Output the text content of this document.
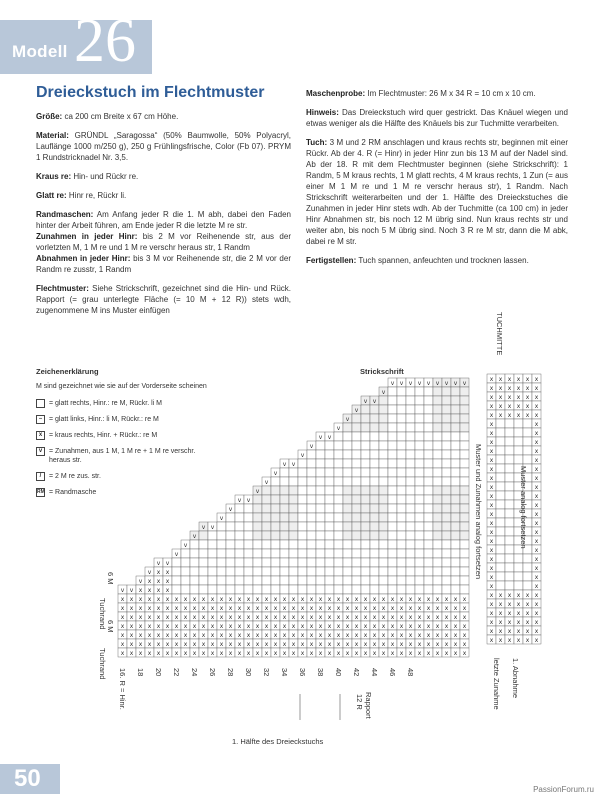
Modell 26
Dreieckstuch im Flechtmuster

Größe: ca 200 cm Breite x 67 cm Höhe.

Material: GRÜNDL „Saragossa“ (50% Baumwolle, 50% Polyacryl, Lauflänge 1000 m/250 g), 250 g Frühlingsfrische, Color (Fb 07). PRYM 1 Rundstricknadel Nr. 3,5.

Kraus re: Hin- und Rückr re.

Glatt re: Hinr re, Rückr li.

Randmaschen: Am Anfang jeder R die 1. M abh, dabei den Faden hinter der Arbeit führen, am Ende jeder R die letzte M re str.

Zunahmen in jeder Hinr: bis 2 M vor Reihenende str, aus der vorletzten M, 1 M re und 1 M re verschr heraus str, 1 Randm

Abnahmen in jeder Hinr: bis 3 M vor Reihenende str, die 2 M vor der Randm re zusstr, 1 Randm

Flechtmuster: Siehe Strickschrift, gezeichnet sind die Hin- und Rück. Rapport (= grau unterlegte Fläche (= 10 M + 12 R)) stets wdh, zugenommene M ins Muster einfügen

Maschenprobe: Im Flechtmuster: 26 M x 34 R = 10 cm x 10 cm.

Hinweis: Das Dreieckstuch wird quer gestrickt. Das Knäuel wiegen und etwas weniger als die Hälfte des Knäuels bis zur Tuchmitte verarbeiten.

Tuch: 3 M und 2 RM anschlagen und kraus rechts str, beginnen mit einer Rückr. Ab der 4. R (= Hinr) in jeder Hinr zun bis 13 M auf der Nadel sind. Ab der 18. R mit dem Flechtmuster beginnen (siehe Strickschrift): 1 Randm, 5 M kraus rechts, 1 M glatt rechts, 4 M kraus rechts, 1 Zun (= aus einer M 1 M re und 1 M re verschr heraus str), 1 Randm. Nach Strickschrift weiterarbeiten und der 1. Hälfte des Dreieckstuches die Zunahmen in jeder Hinr stets wdh. Ab der Tuchmitte (ca 100 cm) in jeder Hinr Abnahmen str, bis noch 12 M übrig sind. Nun kraus rechts str und weiter abn, bis noch 5 M übrig sind. Noch 3 R re M str, dann die M abk, dabei re M str.

Fertigstellen: Tuch spannen, anfeuchten und trocknen lassen.

Zeichenerklärung
M sind gezeichnet wie sie auf der Vorderseite scheinen
= glatt rechts, Hinr.: re M, Rückr. li M
– = glatt links, Hinr.: li M, Rückr.: re M
x = kraus rechts, Hinr. + Rückr.: re M
v = Zunahmen, aus 1 M, 1 M re + 1 M re verschr. heraus str.
/	= 2 M re zus. str.
RM = Randmasche
Strickschrift
v
x
x
x
x
x
x
x
v
x
x
x
x
x
x
x
v
x
x
x
x
x
x
x
x
v
x
x
x
x
x
x
x
x
x
v
x
x
x
x
x
x
x
x
x
x
v
x
x
x
x
x
x
x
x
x
x
v
x
x
x
x
x
x
x
v
x
x
x
x
x
x
x
v
x
x
x
x
x
x
x
v
x
x
x
x
x
x
x
v
x
x
x
x
x
x
x
v
x
x
x
x
x
x
x
v
x
x
x
x
x
x
x
v
x
x
x
x
x
x
x
v
x
x
x
x
x
x
x
v
x
x
x
x
x
x
x
v
x
x
x
x
x
x
x
v
x
x
x
x
x
x
x
v
x
x
x
x
x
x
x
v
x
x
x
x
x
x
x
v
x
x
x
x
x
x
x
v
x
x
x
x
x
x
x
v
x
x
x
x
x
x
x
v
x
x
x
x
x
x
x
v
x
x
x
x
x
x
x
v
x
x
x
x
x
x
x
v
x
x
x
x
x
x
x
v
x
x
x
x
x
x
x
v
x
x
x
x
x
x
x
v
x
x
x
x
x
x
x
v
x
x
x
x
x
x
x
v
x
x
x
x
x
x
x
v
x
x
x
x
x
x
x
v
x
x
x
x
x
x
x
v
x
x
x
x
x
x
x
v
x
x
x
x
x
x
x
v
x
x
x
x
x
x
x
v
x
x
x
x
x
x
x
v
x
x
x
x
x
x
x
x
x
x
x
x
x
x
x
x
x
x
x
x
x
x
x
x
x
x
x
x
x
x
x
x
x
x
x
x
x
x
x
x
x
x
x
x
x
x
x
x
x
x
x
x
x
x
x
x
x
x
x
x
x
x
x
x
x
x
x
x
x
x
x
x
x
x
x
x
x
x
x
x
x
x
x
x
x
x
x
x
x
x
x
x
x
x
x
x
x
x
x
x
x
x
x
x
x
x
x
x
x
x
x
16. R = Hinr. 18 20 22 24 26 28 30 32 34 36 38 40 42 44 46 48
Tuchrand
6 M
Tuchrand
6 M
Muster und Zunahmen analog fortsetzen
TUCHMITTE
Muster analog fortsetzen
1. Abnahme
letzte Zunahme
Rapport
12 R
1. Hälfte des Dreieckstuchs
50	PassionForum.ru
